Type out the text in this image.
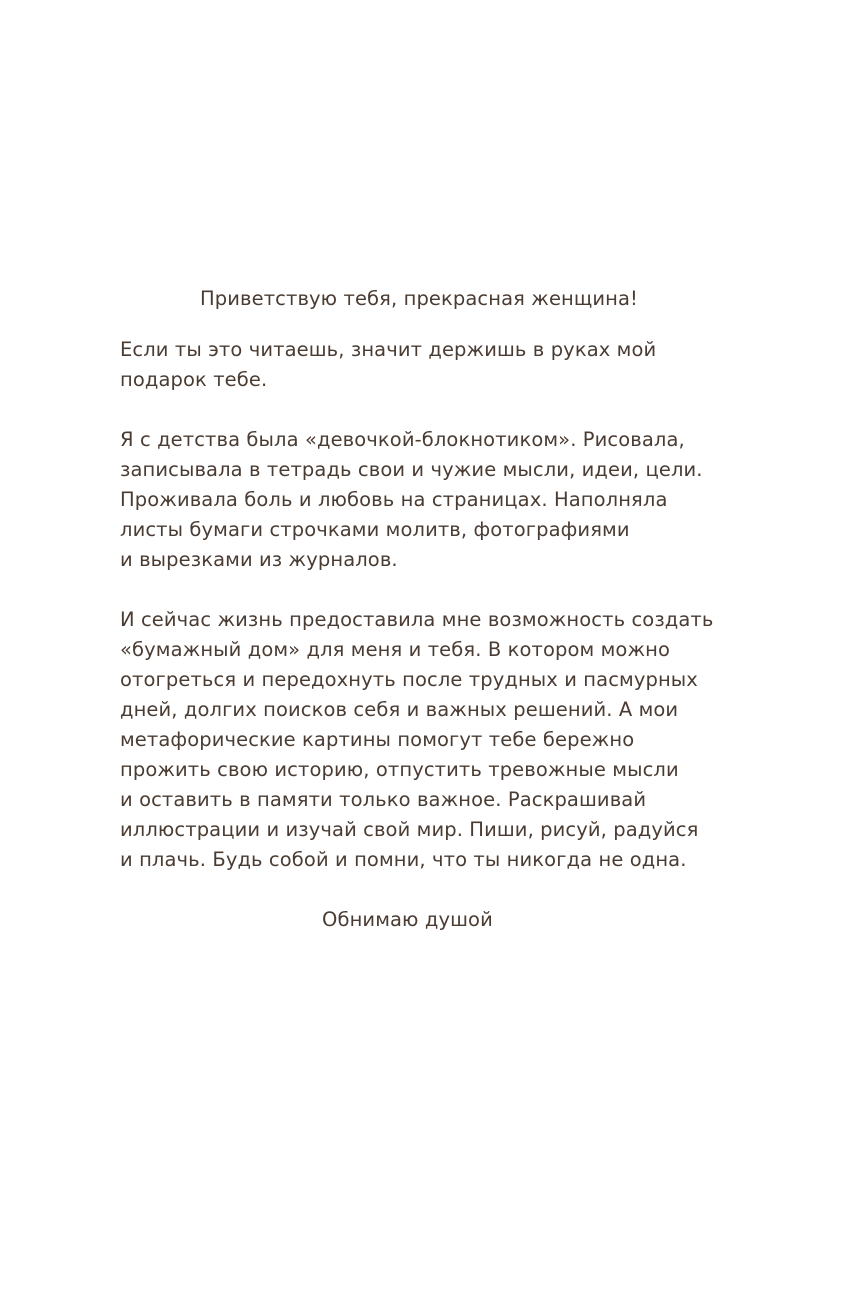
Приветствую тебя, прекрасная женщина!

Если ты это читаешь, значит держишь в руках мой
подарок тебе.

Я с детства была «девочкой-блокнотиком». Рисовала,
записывала в тетрадь свои и чужие мысли, идеи, цели.
Проживала боль и любовь на страницах. Наполняла
листы бумаги строчками молитв, фотографиями
и вырезками из журналов.

И сейчас жизнь предоставила мне возможность создать
«бумажный дом» для меня и тебя. В котором можно
отогреться и передохнуть после трудных и пасмурных
дней, долгих поисков себя и важных решений. А мои
метафорические картины помогут тебе бережно
прожить свою историю, отпустить тревожные мысли
и оставить в памяти только важное. Раскрашивай
иллюстрации и изучай свой мир. Пиши, рисуй, радуйся
и плачь. Будь собой и помни, что ты никогда не одна.

Обнимаю душой
